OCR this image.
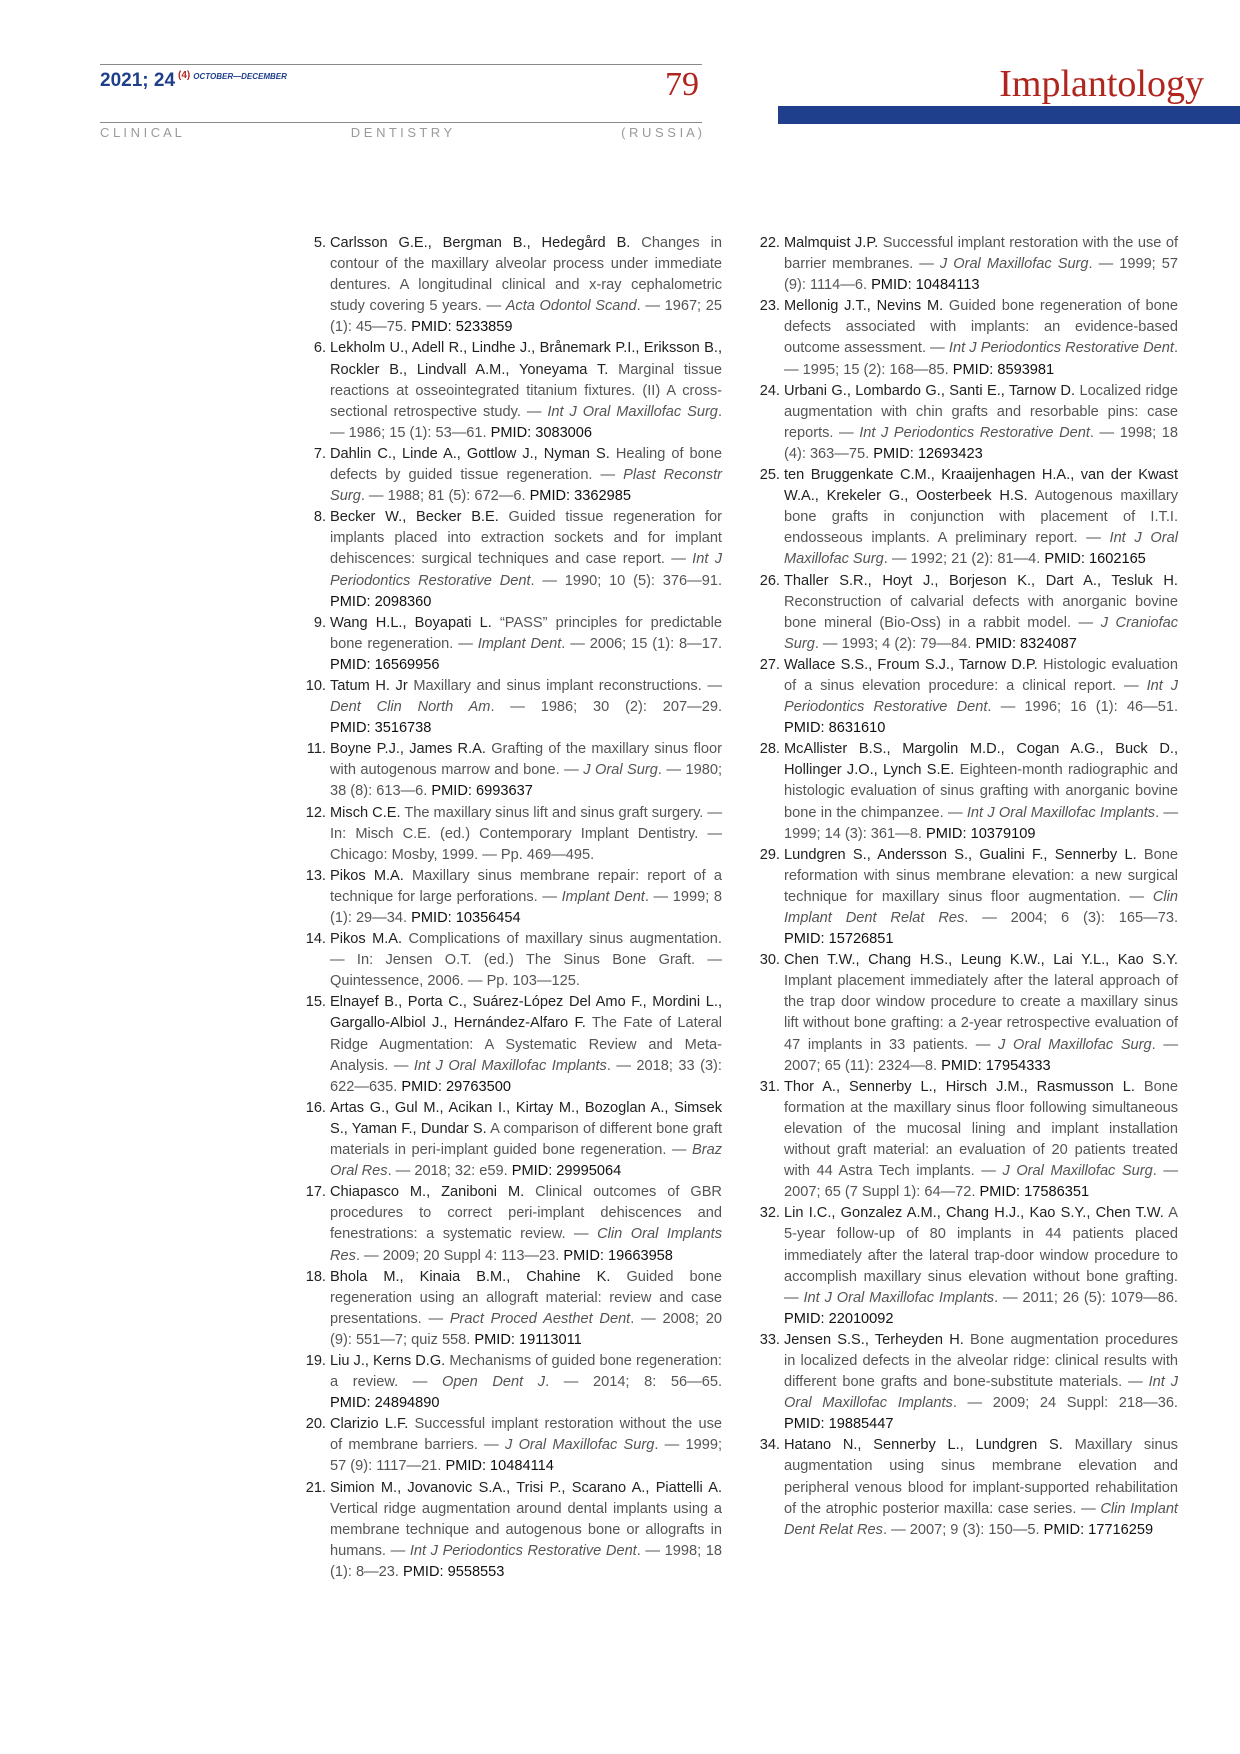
2021; 24 $^{(4)}$ $^{OCTOBER—DECEMBER}$	79	Implantology
C L I N I C A L	D E N T I S T R Y	( R U S S I A )
5. Carlsson G.E., Bergman B., Hedegård B. Changes in contour of the maxillary alveolar process under immediate dentures. A longitudinal clinical and x-ray cephalometric study covering 5 years. — Acta Odontol Scand. — 1967; 25 (1): 45—75. PMID: 5233859
6. Lekholm U., Adell R., Lindhe J., Brånemark P.I., Eriksson B., Rockler B., Lindvall A.M., Yoneyama T. Marginal tissue reactions at osseointegrated titanium fixtures. (II) A cross-sectional retrospective study. — Int J Oral Maxillofac Surg. — 1986; 15 (1): 53—61. PMID: 3083006
7. Dahlin C., Linde A., Gottlow J., Nyman S. Healing of bone defects by guided tissue regeneration. — Plast Reconstr Surg. — 1988; 81 (5): 672—6. PMID: 3362985
8. Becker W., Becker B.E. Guided tissue regeneration for implants placed into extraction sockets and for implant dehiscences: surgical techniques and case report. — Int J Periodontics Restorative Dent. — 1990; 10 (5): 376—91. PMID: 2098360
9. Wang H.L., Boyapati L. “PASS” principles for predictable bone regeneration. — Implant Dent. — 2006; 15 (1): 8—17. PMID: 16569956
10. Tatum H. Jr Maxillary and sinus implant reconstructions. — Dent Clin North Am. — 1986; 30 (2): 207—29. PMID: 3516738
11. Boyne P.J., James R.A. Grafting of the maxillary sinus floor with autogenous marrow and bone. — J Oral Surg. — 1980; 38 (8): 613—6. PMID: 6993637
12. Misch C.E. The maxillary sinus lift and sinus graft surgery. — In: Misch C.E. (ed.) Contemporary Implant Dentistry. — Chicago: Mosby, 1999. — Pp. 469—495.
13. Pikos M.A. Maxillary sinus membrane repair: report of a technique for large perforations. — Implant Dent. — 1999; 8 (1): 29—34. PMID: 10356454
14. Pikos M.A. Complications of maxillary sinus augmentation. — In: Jensen O.T. (ed.) The Sinus Bone Graft. — Quintessence, 2006. — Pp. 103—125.
15. Elnayef B., Porta C., Suárez-López Del Amo F., Mordini L., Gargallo-Albiol J., Hernández-Alfaro F. The Fate of Lateral Ridge Augmentation: A Systematic Review and Meta-Analysis. — Int J Oral Maxillofac Implants. — 2018; 33 (3): 622—635. PMID: 29763500
16. Artas G., Gul M., Acikan I., Kirtay M., Bozoglan A., Simsek S., Yaman F., Dundar S. A comparison of different bone graft materials in peri-implant guided bone regeneration. — Braz Oral Res. — 2018; 32: e59. PMID: 29995064
17. Chiapasco M., Zaniboni M. Clinical outcomes of GBR procedures to correct peri-implant dehiscences and fenestrations: a systematic review. — Clin Oral Implants Res. — 2009; 20 Suppl 4: 113—23. PMID: 19663958
18. Bhola M., Kinaia B.M., Chahine K. Guided bone regeneration using an allograft material: review and case presentations. — Pract Proced Aesthet Dent. — 2008; 20 (9): 551—7; quiz 558. PMID: 19113011
19. Liu J., Kerns D.G. Mechanisms of guided bone regeneration: a review. — Open Dent J. — 2014; 8: 56—65. PMID: 24894890
20. Clarizio L.F. Successful implant restoration without the use of membrane barriers. — J Oral Maxillofac Surg. — 1999; 57 (9): 1117—21. PMID: 10484114
21. Simion M., Jovanovic S.A., Trisi P., Scarano A., Piattelli A. Vertical ridge augmentation around dental implants using a membrane technique and autogenous bone or allografts in humans. — Int J Periodontics Restorative Dent. — 1998; 18 (1): 8—23. PMID: 9558553
22. Malmquist J.P. Successful implant restoration with the use of barrier membranes. — J Oral Maxillofac Surg. — 1999; 57 (9): 1114—6. PMID: 10484113
23. Mellonig J.T., Nevins M. Guided bone regeneration of bone defects associated with implants: an evidence-based outcome assessment. — Int J Periodontics Restorative Dent. — 1995; 15 (2): 168—85. PMID: 8593981
24. Urbani G., Lombardo G., Santi E., Tarnow D. Localized ridge augmentation with chin grafts and resorbable pins: case reports. — Int J Periodontics Restorative Dent. — 1998; 18 (4): 363—75. PMID: 12693423
25. ten Bruggenkate C.M., Kraaijenhagen H.A., van der Kwast W.A., Krekeler G., Oosterbeek H.S. Autogenous maxillary bone grafts in conjunction with placement of I.T.I. endosseous implants. A preliminary report. — Int J Oral Maxillofac Surg. — 1992; 21 (2): 81—4. PMID: 1602165
26. Thaller S.R., Hoyt J., Borjeson K., Dart A., Tesluk H. Reconstruction of calvarial defects with anorganic bovine bone mineral (Bio-Oss) in a rabbit model. — J Craniofac Surg. — 1993; 4 (2): 79—84. PMID: 8324087
27. Wallace S.S., Froum S.J., Tarnow D.P. Histologic evaluation of a sinus elevation procedure: a clinical report. — Int J Periodontics Restorative Dent. — 1996; 16 (1): 46—51. PMID: 8631610
28. McAllister B.S., Margolin M.D., Cogan A.G., Buck D., Hollinger J.O., Lynch S.E. Eighteen-month radiographic and histologic evaluation of sinus grafting with anorganic bovine bone in the chimpanzee. — Int J Oral Maxillofac Implants. — 1999; 14 (3): 361—8. PMID: 10379109
29. Lundgren S., Andersson S., Gualini F., Sennerby L. Bone reformation with sinus membrane elevation: a new surgical technique for maxillary sinus floor augmentation. — Clin Implant Dent Relat Res. — 2004; 6 (3): 165—73. PMID: 15726851
30. Chen T.W., Chang H.S., Leung K.W., Lai Y.L., Kao S.Y. Implant placement immediately after the lateral approach of the trap door window procedure to create a maxillary sinus lift without bone grafting: a 2-year retrospective evaluation of 47 implants in 33 patients. — J Oral Maxillofac Surg. — 2007; 65 (11): 2324—8. PMID: 17954333
31. Thor A., Sennerby L., Hirsch J.M., Rasmusson L. Bone formation at the maxillary sinus floor following simultaneous elevation of the mucosal lining and implant installation without graft material: an evaluation of 20 patients treated with 44 Astra Tech implants. — J Oral Maxillofac Surg. — 2007; 65 (7 Suppl 1): 64—72. PMID: 17586351
32. Lin I.C., Gonzalez A.M., Chang H.J., Kao S.Y., Chen T.W. A 5-year follow-up of 80 implants in 44 patients placed immediately after the lateral trap-door window procedure to accomplish maxillary sinus elevation without bone grafting. — Int J Oral Maxillofac Implants. — 2011; 26 (5): 1079—86. PMID: 22010092
33. Jensen S.S., Terheyden H. Bone augmentation procedures in localized defects in the alveolar ridge: clinical results with different bone grafts and bone-substitute materials. — Int J Oral Maxillofac Implants. — 2009; 24 Suppl: 218—36. PMID: 19885447
34. Hatano N., Sennerby L., Lundgren S. Maxillary sinus augmentation using sinus membrane elevation and peripheral venous blood for implant-supported rehabilitation of the atrophic posterior maxilla: case series. — Clin Implant Dent Relat Res. — 2007; 9 (3): 150—5. PMID: 17716259
